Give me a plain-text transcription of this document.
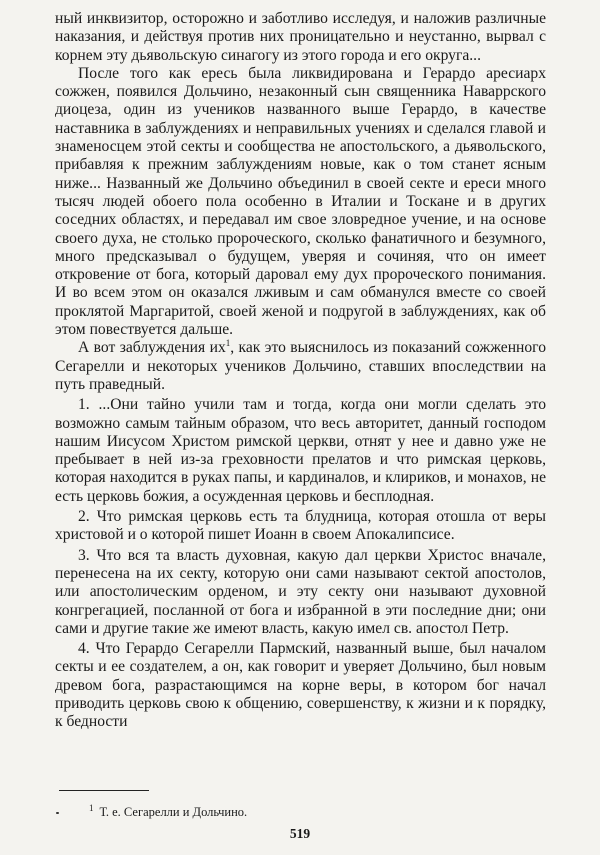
ный инквизитор, осторожно и заботливо исследуя, и наложив различные наказания, и действуя против них проницательно и неустанно, вырвал с корнем эту дьявольскую синагогу из этого города и его округа...

После того как ересь была ликвидирована и Герардо аресиарх сожжен, появился Дольчино, незаконный сын священника Наваррского диоцеза, один из учеников названного выше Герардо, в качестве наставника в заблуждениях и неправильных учениях и сделался главой и знаменосцем этой секты и сообщества не апостольского, а дьявольского, прибавляя к прежним заблуждениям новые, как о том станет ясным ниже... Названный же Дольчино объединил в своей секте и ереси много тысяч людей обоего пола особенно в Италии и Тоскане и в других соседних областях, и передавал им свое зловредное учение, и на основе своего духа, не столько пророческого, сколько фанатичного и безумного, много предсказывал о будущем, уверяя и сочиняя, что он имеет откровение от бога, который даровал ему дух пророческого понимания. И во всем этом он оказался лживым и сам обманулся вместе со своей проклятой Маргаритой, своей женой и подругой в заблуждениях, как об этом повествуется дальше.

А вот заблуждения $их^1$, как это выяснилось из показаний сожженного Сегарелли и некоторых учеников Дольчино, ставших впоследствии на путь праведный.

1. ...Они тайно учили там и тогда, когда они могли сделать это возможно самым тайным образом, что весь авторитет, данный господом нашим Иисусом Христом римской церкви, отнят у нее и давно уже не пребывает в ней из-за греховности прелатов и что римская церковь, которая находится в руках папы, и кардиналов, и клириков, и монахов, не есть церковь божия, а осужденная церковь и бесплодная.

2. Что римская церковь есть та блудница, которая отошла от веры христовой и о которой пишет Иоанн в своем Апокалипсисе.

3. Что вся та власть духовная, какую дал церкви Христос вначале, перенесена на их секту, которую они сами называют сектой апостолов, или апостолическим орденом, и эту секту они называют духовной конгрегацией, посланной от бога и избранной в эти последние дни; они сами и другие такие же имеют власть, какую имел св. апостол Петр.

4. Что Герардо Сегарелли Пармский, названный выше, был началом секты и ее создателем, а он, как говорит и уверяет Дольчино, был новым древом бога, разрастающимся на корне веры, в котором бог начал приводить церковь свою к общению, совершенству, к жизни и к порядку, к бедности

$^1$ Т. е. Сегарелли и Дольчино.
519
